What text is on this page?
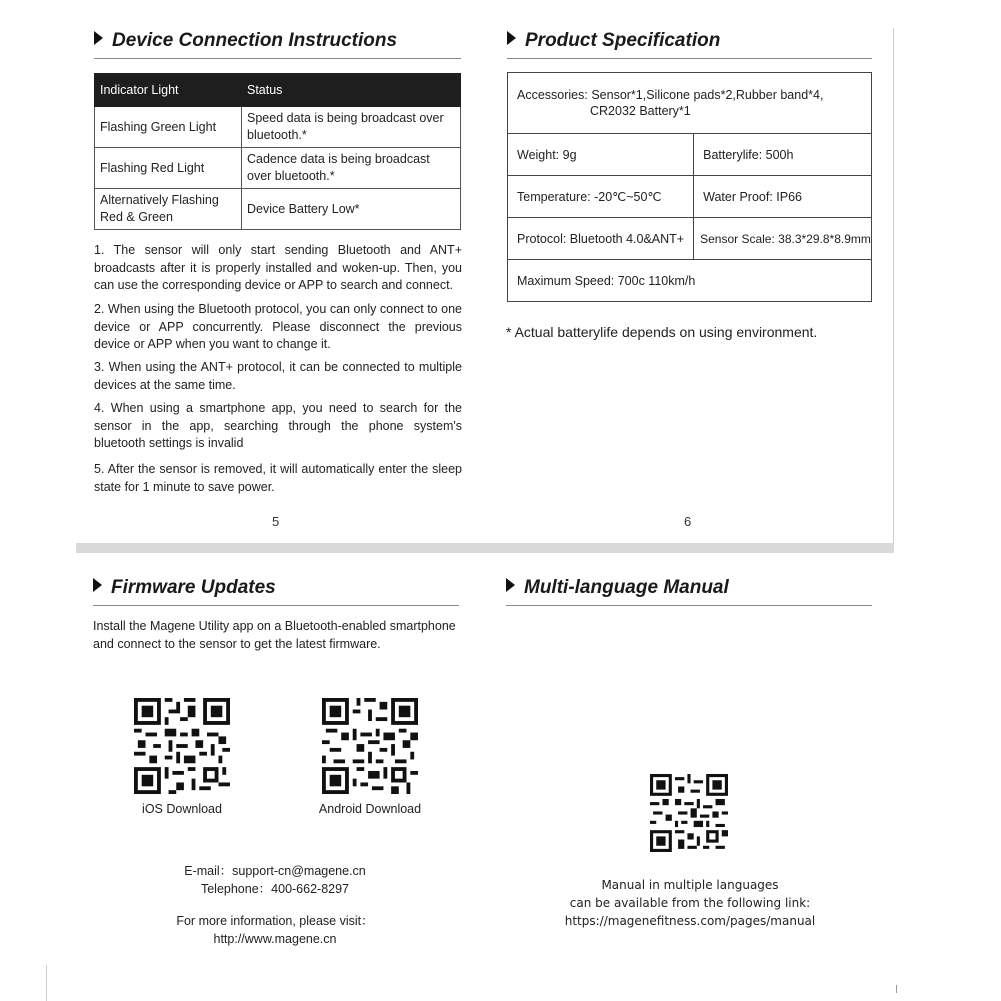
Device Connection Instructions
Indicator Light	Status
Flashing Green Light	Speed data is being broadcast over bluetooth.*
Flashing Red Light	Cadence data is being broadcast over bluetooth.*
Alternatively Flashing Red & Green	Device Battery Low*
1. The sensor will only start sending Bluetooth and ANT+ broadcasts after it is properly installed and woken-up. Then, you can use the corresponding device or APP to search and connect.
2. When using the Bluetooth protocol, you can only connect to one device or APP concurrently. Please disconnect the previous device or APP when you want to change it.
3. When using the ANT+ protocol, it can be connected to multiple devices at the same time.
4. When using a smartphone app, you need to search for the sensor in the app, searching through the phone system's bluetooth settings is invalid
5. After the sensor is removed, it will automatically enter the sleep state for 1 minute to save power.
5
Product Specification
Accessories: Sensor*1,Silicone pads*2,Rubber band*4,
CR2032 Battery*1	

Weight: 9g	Batterylife: 500h
Temperature: -20℃~50℃	Water Proof: IP66
Protocol: Bluetooth 4.0&ANT+	Sensor Scale: 38.3*29.8*8.9mm
Maximum Speed: 700c 110km/h	
* Actual batterylife depends on using environment.
6
Firmware Updates
Install the Magene Utility app on a Bluetooth-enabled smartphone and connect to the sensor to get the latest firmware.
iOS Download	Android Download
E-mail：support-cn@magene.cn
Telephone：400-662-8297
For more information, please visit：
http://www.magene.cn
Multi-language Manual
Manual in multiple languages
can be available from the following link:
https://magenefitness.com/pages/manual
